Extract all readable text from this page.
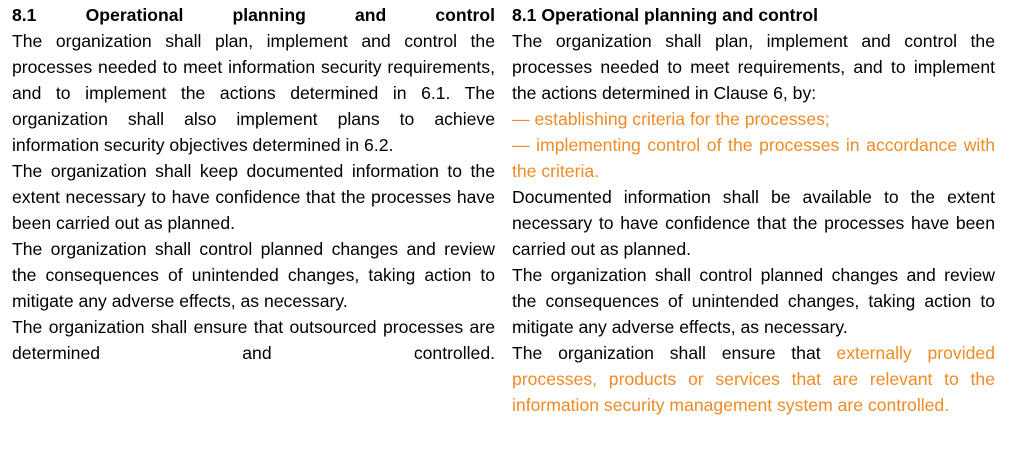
8.1	Operational	planning	and	control

The organization shall plan, implement and control the processes needed to meet information security requirements, and to implement the actions determined in 6.1. The organization shall also implement plans to achieve information security objectives determined in 6.2.

The organization shall keep documented information to the extent necessary to have confidence that the processes have been carried out as planned.

The organization shall control planned changes and review the consequences of unintended changes, taking action to mitigate any adverse effects, as necessary.

The organization shall ensure that outsourced processes are determined and controlled.

8.1 Operational planning and control

The organization shall plan, implement and control the processes needed to meet requirements, and to implement the actions determined in Clause 6, by:

— establishing criteria for the processes;

— implementing control of the processes in accordance with the criteria.

Documented information shall be available to the extent necessary to have confidence that the processes have been carried out as planned.

The organization shall control planned changes and review the consequences of unintended changes, taking action to mitigate any adverse effects, as necessary.

The organization shall ensure that externally provided processes, products or services that are relevant to the information security management system are controlled.
